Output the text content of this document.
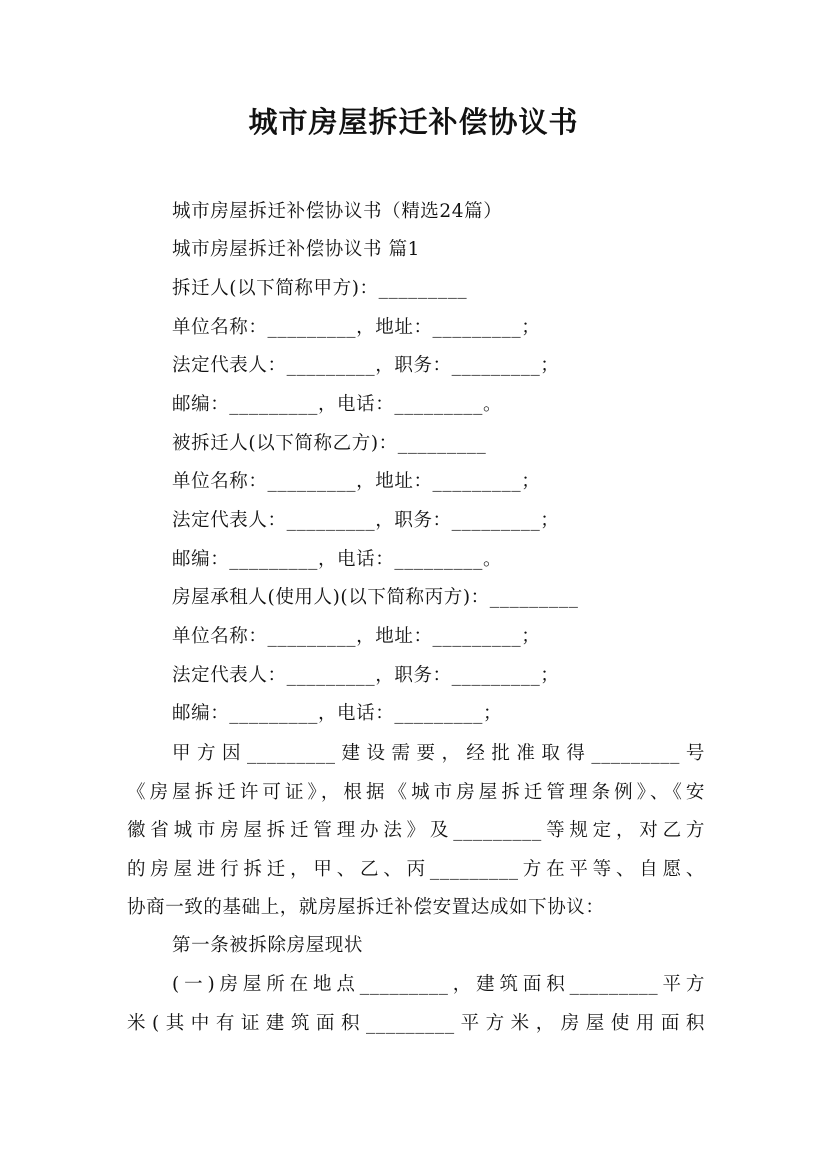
城市房屋拆迁补偿协议书
城市房屋拆迁补偿协议书（精选24篇）
城市房屋拆迁补偿协议书 篇1
拆迁人(以下简称甲方)：_________
单位名称：_________，地址：_________；
法定代表人：_________，职务：_________；
邮编：_________，电话：_________。
被拆迁人(以下简称乙方)：_________
单位名称：_________，地址：_________；
法定代表人：_________，职务：_________；
邮编：_________，电话：_________。
房屋承租人(使用人)(以下简称丙方)：_________
单位名称：_________，地址：_________；
法定代表人：_________，职务：_________；
邮编：_________，电话：_________；
甲方因_________建设需要，经批准取得_________号
《房屋拆迁许可证》，根据《城市房屋拆迁管理条例》、《安
徽省城市房屋拆迁管理办法》及_________等规定，对乙方
的房屋进行拆迁，甲、乙、丙_________方在平等、自愿、
协商一致的基础上，就房屋拆迁补偿安置达成如下协议：
第一条被拆除房屋现状
(一)房屋所在地点_________，建筑面积_________平方
米(其中有证建筑面积_________平方米，房屋使用面积
